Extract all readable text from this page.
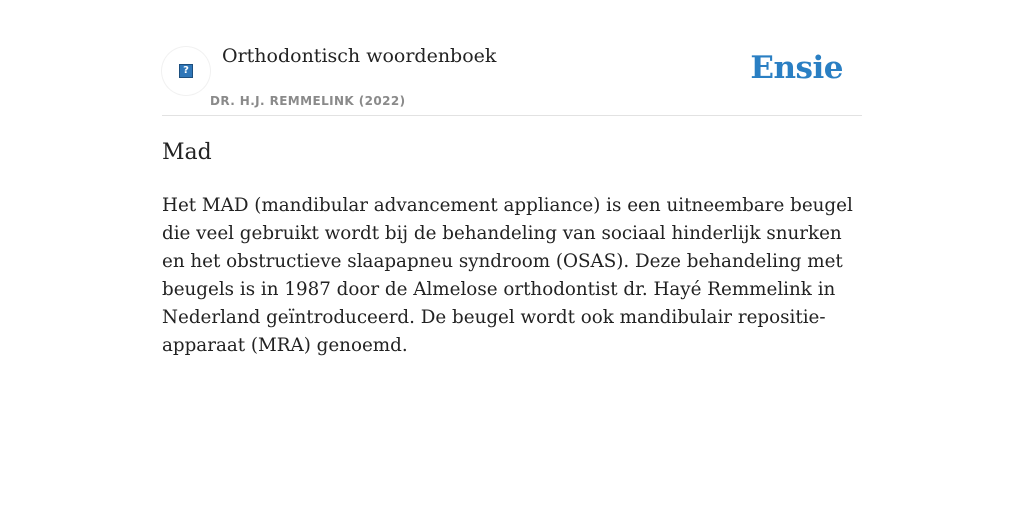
?
Orthodontisch woordenboek
DR. H.J. REMMELINK (2022)
Ensie
Mad

Het MAD (mandibular advancement appliance) is een uitneembare beugel die veel gebruikt wordt bij de behandeling van sociaal hinderlijk snurken en het obstructieve slaapapneu syndroom (OSAS). Deze behandeling met beugels is in 1987 door de Almelose orthodontist dr. Hayé Remmelink in Nederland geïntroduceerd. De beugel wordt ook mandibulair repositie-apparaat (MRA) genoemd.
